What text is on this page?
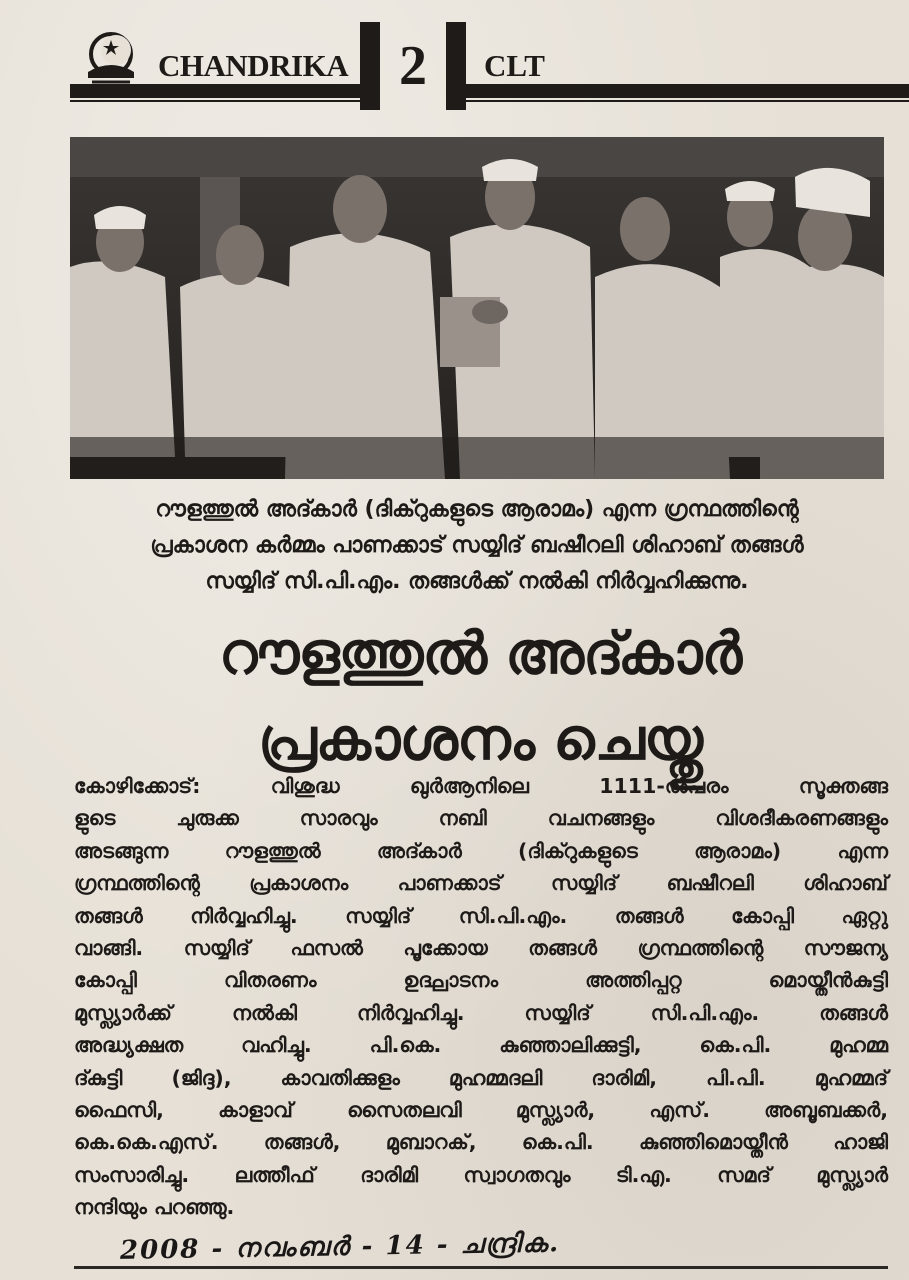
CHANDRIKA 2 CLT
റൗളത്തുൽ അദ്കാർ (ദിക്റുകളുടെ ആരാമം) എന്ന ഗ്രന്ഥത്തിന്റെ
പ്രകാശന കർമ്മം പാണക്കാട് സയ്യിദ് ബഷീറലി ശിഹാബ് തങ്ങൾ
സയ്യിദ് സി.പി.എം. തങ്ങൾക്ക് നൽകി നിർവ്വഹിക്കുന്നു.
റൗളത്തുൽ അദ്കാർ
പ്രകാശനം ചെയ്തു
കോഴിക്കോട്: വിശുദ്ധ ഖുർആനിലെ 1111-ൽപരം സൂക്തങ്ങ
ളുടെ ചുരുക്ക സാരവും നബി വചനങ്ങളും വിശദീകരണങ്ങളും
അടങ്ങുന്ന റൗളത്തുൽ അദ്കാർ (ദിക്റുകളുടെ ആരാമം) എന്ന
ഗ്രന്ഥത്തിന്റെ പ്രകാശനം പാണക്കാട് സയ്യിദ് ബഷീറലി ശിഹാബ്
തങ്ങൾ നിർവ്വഹിച്ചു. സയ്യിദ് സി.പി.എം. തങ്ങൾ കോപ്പി ഏറ്റു
വാങ്ങി. സയ്യിദ് ഫസൽ പൂക്കോയ തങ്ങൾ ഗ്രന്ഥത്തിന്റെ സൗജന്യ
കോപ്പി വിതരണം ഉദ്ഘാടനം അത്തിപ്പറ്റ മൊയ്തീൻകുട്ടി
മുസ്ല്യാർക്ക് നൽകി നിർവ്വഹിച്ചു. സയ്യിദ് സി.പി.എം. തങ്ങൾ
അദ്ധ്യക്ഷത വഹിച്ചു. പി.കെ. കുഞ്ഞാലിക്കുട്ടി, കെ.പി. മുഹമ്മ
ദ്കുട്ടി (ജിദ്ദ), കാവതിക്കുളം മുഹമ്മദലി ദാരിമി, പി.പി. മുഹമ്മദ്
ഫൈസി, കാളാവ് സൈതലവി മുസ്ല്യാർ, എസ്. അബൂബക്കർ,
കെ.കെ.എസ്. തങ്ങൾ, മുബാറക്, കെ.പി. കുഞ്ഞിമൊയ്തീൻ ഹാജി
സംസാരിച്ചു. ലത്തീഫ് ദാരിമി സ്വാഗതവും ടി.എ. സമദ് മുസ്ല്യാർ
നന്ദിയും പറഞ്ഞു.
2008 - നവംബർ - 14 - ചന്ദ്രിക.
